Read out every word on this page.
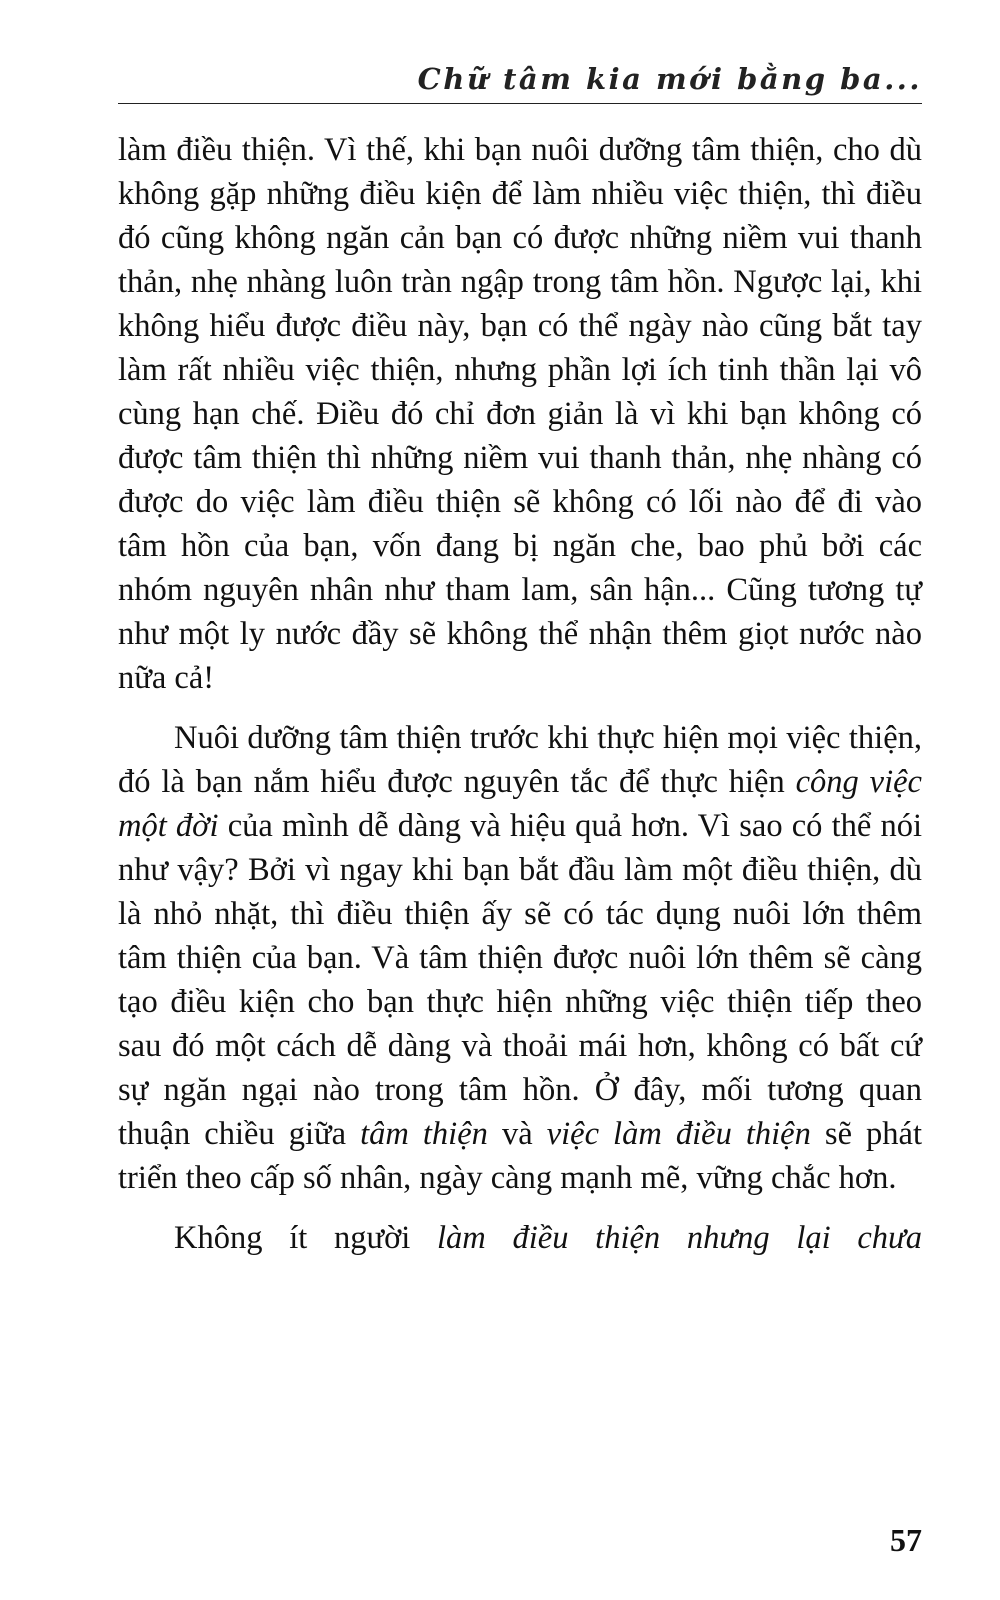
Chữ tâm kia mới bằng ba...

làm điều thiện. Vì thế, khi bạn nuôi dưỡng tâm thiện, cho dù không gặp những điều kiện để làm nhiều việc thiện, thì điều đó cũng không ngăn cản bạn có được những niềm vui thanh thản, nhẹ nhàng luôn tràn ngập trong tâm hồn. Ngược lại, khi không hiểu được điều này, bạn có thể ngày nào cũng bắt tay làm rất nhiều việc thiện, nhưng phần lợi ích tinh thần lại vô cùng hạn chế. Điều đó chỉ đơn giản là vì khi bạn không có được tâm thiện thì những niềm vui thanh thản, nhẹ nhàng có được do việc làm điều thiện sẽ không có lối nào để đi vào tâm hồn của bạn, vốn đang bị ngăn che, bao phủ bởi các nhóm nguyên nhân như tham lam, sân hận... Cũng tương tự như một ly nước đầy sẽ không thể nhận thêm giọt nước nào nữa cả!

Nuôi dưỡng tâm thiện trước khi thực hiện mọi việc thiện, đó là bạn nắm hiểu được nguyên tắc để thực hiện công việc một đời của mình dễ dàng và hiệu quả hơn. Vì sao có thể nói như vậy? Bởi vì ngay khi bạn bắt đầu làm một điều thiện, dù là nhỏ nhặt, thì điều thiện ấy sẽ có tác dụng nuôi lớn thêm tâm thiện của bạn. Và tâm thiện được nuôi lớn thêm sẽ càng tạo điều kiện cho bạn thực hiện những việc thiện tiếp theo sau đó một cách dễ dàng và thoải mái hơn, không có bất cứ sự ngăn ngại nào trong tâm hồn. Ở đây, mối tương quan thuận chiều giữa tâm thiện và việc làm điều thiện sẽ phát triển theo cấp số nhân, ngày càng mạnh mẽ, vững chắc hơn.

Không ít người làm điều thiện nhưng lại chưa

57
